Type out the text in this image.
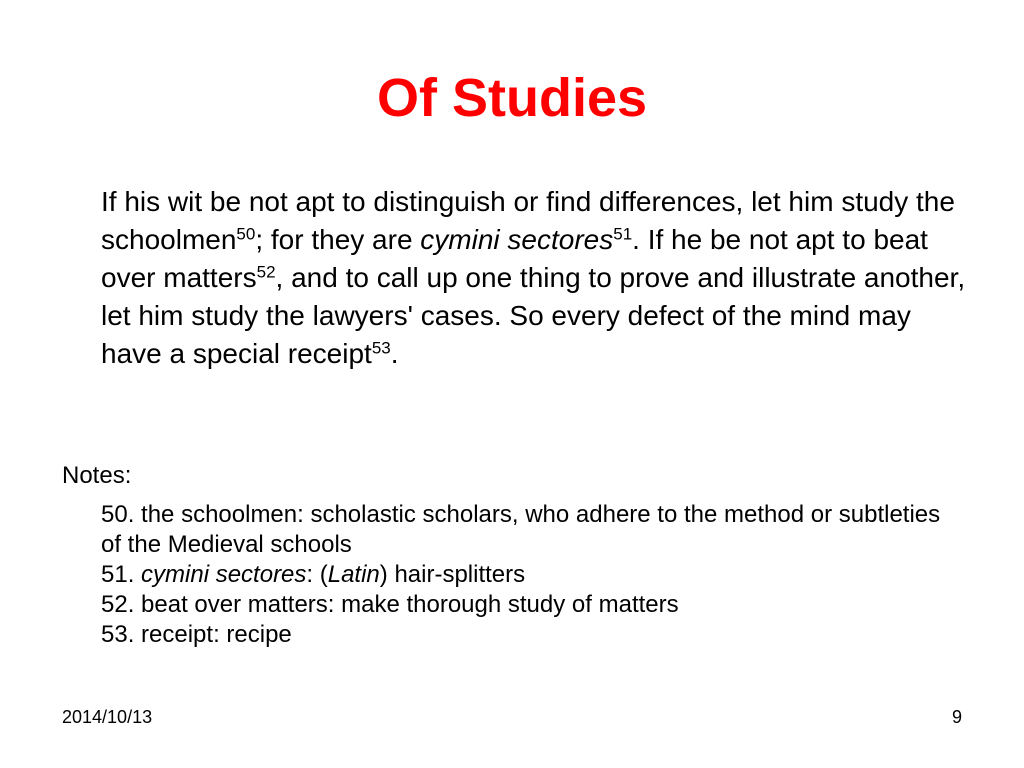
Of Studies
If his wit be not apt to distinguish or find differences, let him study the schoolmen$^{50}$; for they are cymini sectores$^{51}$. If he be not apt to beat over matters$^{52}$, and to call up one thing to prove and illustrate another, let him study the lawyers' cases. So every defect of the mind may have a special receipt$^{53}$.
Notes:
50. the schoolmen: scholastic scholars, who adhere to the method or subtleties of the Medieval schools
51. cymini sectores: (Latin) hair-splitters
52. beat over matters: make thorough study of matters
53. receipt: recipe
2014/10/13	9
